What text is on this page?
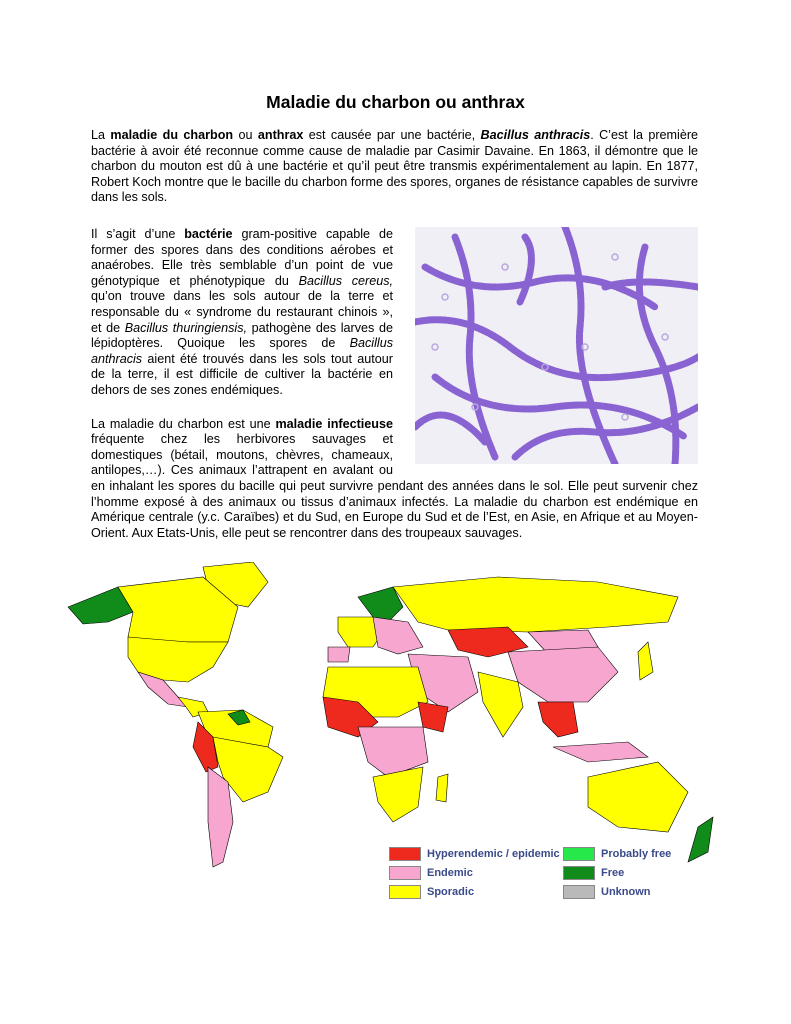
Maladie du charbon ou anthrax

La maladie du charbon ou anthrax est causée par une bactérie, Bacillus anthracis. C’est la première bactérie à avoir été reconnue comme cause de maladie par Casimir Davaine. En 1863, il démontre que le charbon du mouton est dû à une bactérie et qu’il peut être transmis expérimentalement au lapin. En 1877, Robert Koch montre que le bacille du charbon forme des spores, organes de résistance capables de survivre dans les sols.

Il s’agit d’une bactérie gram-positive capable de former des spores dans des conditions aérobes et anaérobes. Elle très semblable d’un point de vue génotypique et phénotypique du Bacillus cereus, qu’on trouve dans les sols autour de la terre et responsable du « syndrome du restaurant chinois », et de Bacillus thuringiensis, pathogène des larves de lépidoptères. Quoique les spores de Bacillus anthracis aient été trouvés dans les sols tout autour de la terre, il est difficile de cultiver la bactérie en dehors de ses zones endémiques.

La maladie du charbon est une maladie infectieuse fréquente chez les herbivores sauvages et domestiques (bétail, moutons, chèvres, chameaux, antilopes,…). Ces animaux l’attrapent en avalant ou en inhalant les spores du bacille qui peut survivre pendant des années dans le sol. Elle peut survenir chez l’homme exposé à des animaux ou tissus d’animaux infectés. La maladie du charbon est endémique en Amérique centrale (y.c. Caraïbes) et du Sud, en Europe du Sud et de l’Est, en Asie, en Afrique et au Moyen-Orient. Aux Etats-Unis, elle peut se rencontrer dans des troupeaux sauvages.

Hyperendemic / epidemic
Endemic
Sporadic
Probably free
Free
Unknown
